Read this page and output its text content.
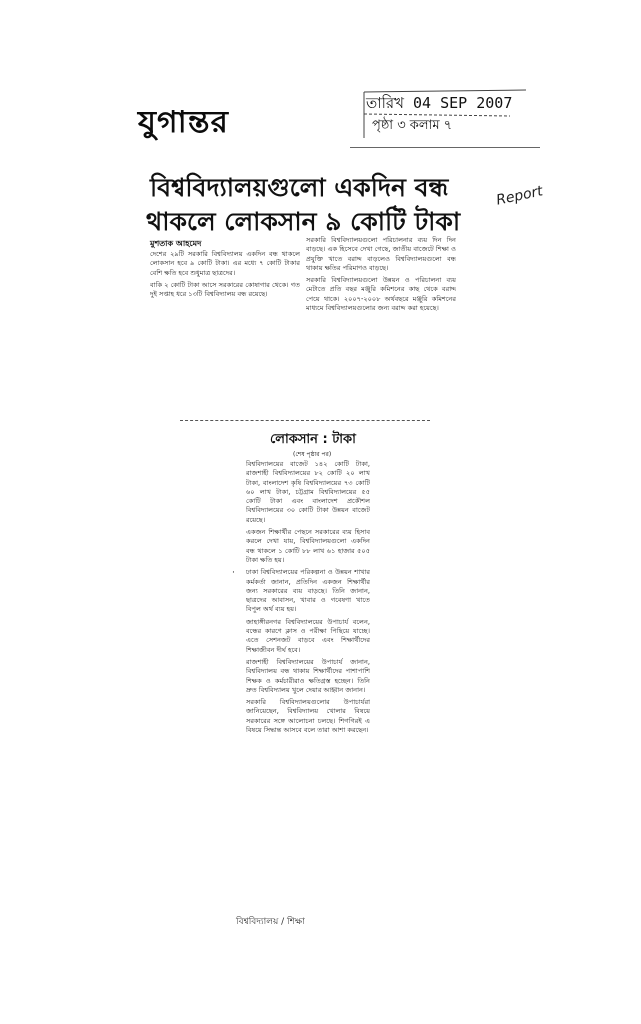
যুগান্তর
তারিখ 04 SEP 2007
পৃষ্ঠা ৩ কলাম ৭
Report
বিশ্ববিদ্যালয়গুলো একদিন বন্ধ
থাকলে লোকসান ৯ কোটি টাকা
মুশতাক আহমেদ
দেশের ২৯টি সরকারি বিশ্ববিদ্যালয় একদিন বন্ধ থাকলে লোকসান হবে ৯ কোটি টাকা। এর মধ্যে ৭ কোটি টাকার বেশি ক্ষতি হবে শুধুমাত্র ছাত্রদের।
বাকি ২ কোটি টাকা আসে সরকারের কোষাগার থেকে। গত দুই সপ্তাহ ধরে ১৩টি বিশ্ববিদ্যালয় বন্ধ রয়েছে।
সরকারি বিশ্ববিদ্যালয়গুলো পরিচালনার ব্যয় দিন দিন বাড়ছে। এক হিসেবে দেখা গেছে, জাতীয় বাজেটে শিক্ষা ও প্রযুক্তি খাতে বরাদ্দ বাড়লেও বিশ্ববিদ্যালয়গুলো বন্ধ থাকায় ক্ষতির পরিমাণও বাড়ছে।
সরকারি বিশ্ববিদ্যালয়গুলো উন্নয়ন ও পরিচালনা ব্যয় মেটাতে প্রতি বছর মঞ্জুরি কমিশনের কাছ থেকে বরাদ্দ পেয়ে থাকে। ২০০৭-২০০৮ অর্থবছরে মঞ্জুরি কমিশনের মাধ্যমে বিশ্ববিদ্যালয়গুলোর জন্য বরাদ্দ করা হয়েছে।
লোকসান : টাকা
(শেষ পৃষ্ঠার পর)
বিশ্ববিদ্যালয়ের বাজেট ১৪২ কোটি টাকা, রাজশাহী বিশ্ববিদ্যালয়ের ৮২ কোটি ২০ লাখ টাকা, বাংলাদেশ কৃষি বিশ্ববিদ্যালয়ের ৭৩ কোটি ৬০ লাখ টাকা, চট্টগ্রাম বিশ্ববিদ্যালয়ের ৫৫ কোটি টাকা এবং বাংলাদেশ প্রকৌশল বিশ্ববিদ্যালয়ের ৩০ কোটি টাকা উন্নয়ন বাজেট রয়েছে।
একজন শিক্ষার্থীর পেছনে সরকারের ব্যয় হিসাব করলে দেখা যায়, বিশ্ববিদ্যালয়গুলো একদিন বন্ধ থাকলে ১ কোটি ৮৮ লাখ ৬১ হাজার ৫০৫ টাকা ক্ষতি হয়।
ঢাকা বিশ্ববিদ্যালয়ের পরিকল্পনা ও উন্নয়ন শাখার কর্মকর্তা জানান, প্রতিদিন একজন শিক্ষার্থীর জন্য সরকারের ব্যয় বাড়ছে। তিনি জানান, ছাত্রদের আবাসন, খাবার ও গবেষণা খাতে বিপুল অর্থ ব্যয় হয়।
জাহাঙ্গীরনগর বিশ্ববিদ্যালয়ের উপাচার্য বলেন, বন্ধের কারণে ক্লাস ও পরীক্ষা পিছিয়ে যাচ্ছে। এতে সেশনজট বাড়বে এবং শিক্ষার্থীদের শিক্ষাজীবন দীর্ঘ হবে।
রাজশাহী বিশ্ববিদ্যালয়ের উপাচার্য জানান, বিশ্ববিদ্যালয় বন্ধ থাকায় শিক্ষার্থীদের পাশাপাশি শিক্ষক ও কর্মচারীরাও ক্ষতিগ্রস্ত হচ্ছেন। তিনি দ্রুত বিশ্ববিদ্যালয় খুলে দেয়ার আহ্বান জানান।
সরকারি বিশ্ববিদ্যালয়গুলোর উপাচার্যরা জানিয়েছেন, বিশ্ববিদ্যালয় খোলার বিষয়ে সরকারের সঙ্গে আলোচনা চলছে। শিগগিরই এ বিষয়ে সিদ্ধান্ত আসবে বলে তারা আশা করছেন।
·
বিশ্ববিদ্যালয় / শিক্ষা
